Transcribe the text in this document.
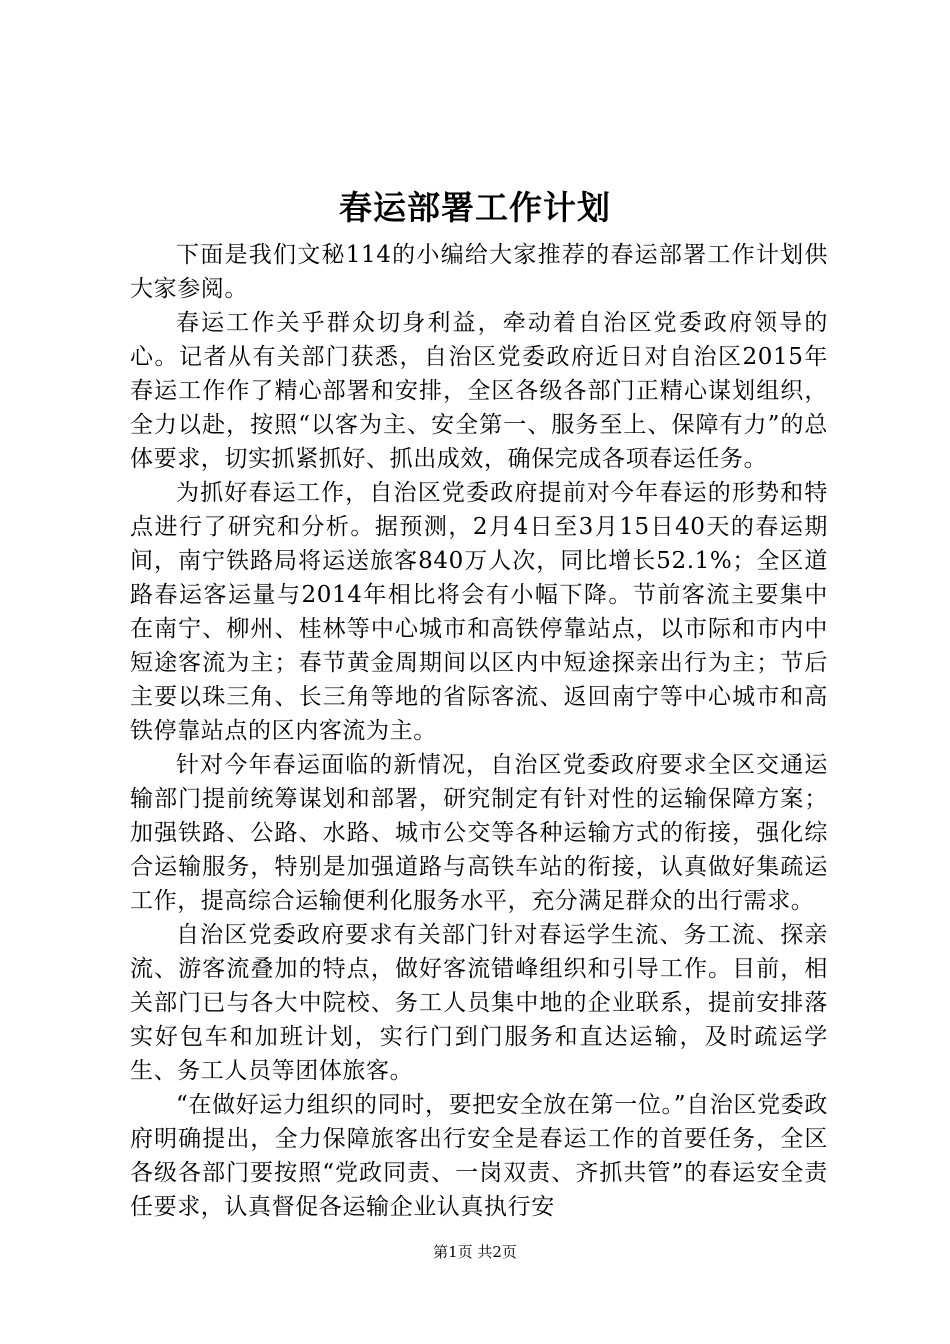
春运部署工作计划

下面是我们文秘114的小编给大家推荐的春运部署工作计划供大家参阅。

春运工作关乎群众切身利益，牵动着自治区党委政府领导的心。记者从有关部门获悉，自治区党委政府近日对自治区2015年春运工作作了精心部署和安排，全区各级各部门正精心谋划组织，全力以赴，按照“以客为主、安全第一、服务至上、保障有力”的总体要求，切实抓紧抓好、抓出成效，确保完成各项春运任务。

为抓好春运工作，自治区党委政府提前对今年春运的形势和特点进行了研究和分析。据预测，2月4日至3月15日40天的春运期间，南宁铁路局将运送旅客840万人次，同比增长52.1%；全区道路春运客运量与2014年相比将会有小幅下降。节前客流主要集中在南宁、柳州、桂林等中心城市和高铁停靠站点，以市际和市内中短途客流为主；春节黄金周期间以区内中短途探亲出行为主；节后主要以珠三角、长三角等地的省际客流、返回南宁等中心城市和高铁停靠站点的区内客流为主。

针对今年春运面临的新情况，自治区党委政府要求全区交通运输部门提前统筹谋划和部署，研究制定有针对性的运输保障方案；加强铁路、公路、水路、城市公交等各种运输方式的衔接，强化综合运输服务，特别是加强道路与高铁车站的衔接，认真做好集疏运工作，提高综合运输便利化服务水平，充分满足群众的出行需求。

自治区党委政府要求有关部门针对春运学生流、务工流、探亲流、游客流叠加的特点，做好客流错峰组织和引导工作。目前，相关部门已与各大中院校、务工人员集中地的企业联系，提前安排落实好包车和加班计划，实行门到门服务和直达运输，及时疏运学生、务工人员等团体旅客。

“在做好运力组织的同时，要把安全放在第一位。”自治区党委政府明确提出，全力保障旅客出行安全是春运工作的首要任务，全区各级各部门要按照“党政同责、一岗双责、齐抓共管”的春运安全责任要求，认真督促各运输企业认真执行安

第1页 共2页
